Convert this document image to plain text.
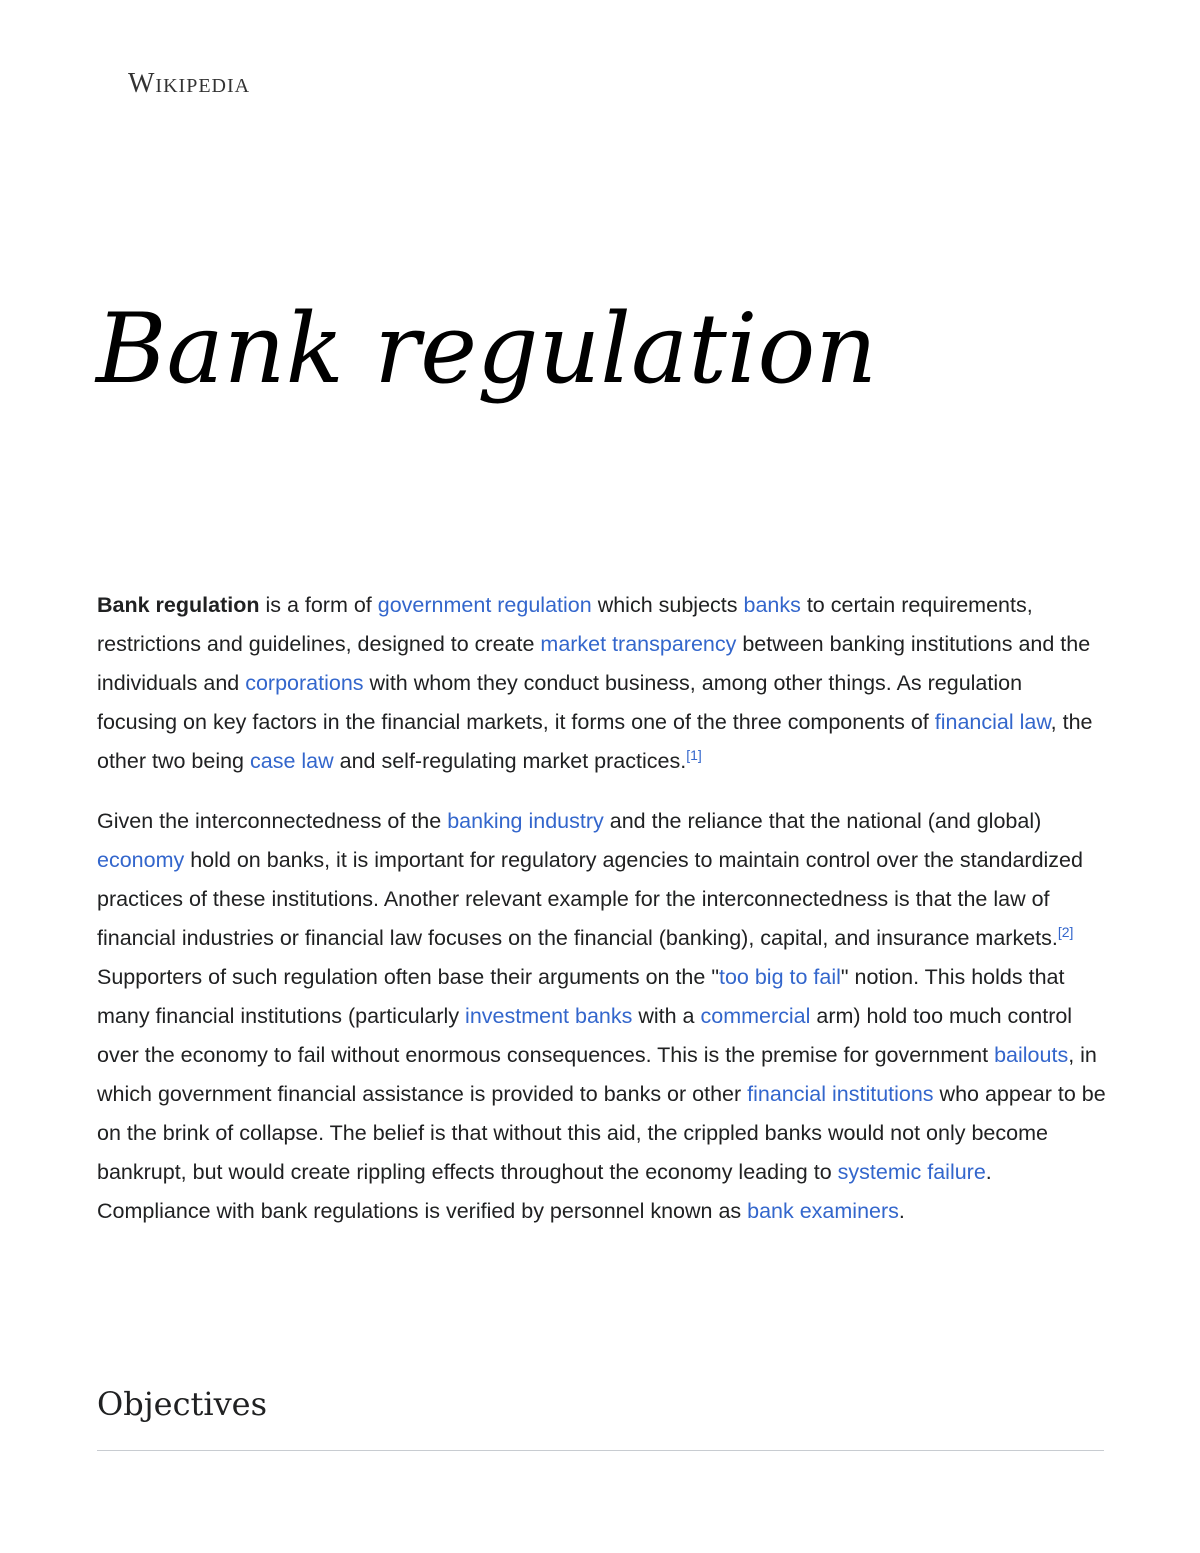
Wikipedia
Bank regulation

Bank regulation is a form of government regulation which subjects banks to certain requirements, restrictions and guidelines, designed to create market transparency between banking institutions and the individuals and corporations with whom they conduct business, among other things. As regulation focusing on key factors in the financial markets, it forms one of the three components of financial law, the other two being case law and self-regulating market practices.[1]

Given the interconnectedness of the banking industry and the reliance that the national (and global) economy hold on banks, it is important for regulatory agencies to maintain control over the standardized practices of these institutions. Another relevant example for the interconnectedness is that the law of financial industries or financial law focuses on the financial (banking), capital, and insurance markets.[2] Supporters of such regulation often base their arguments on the "too big to fail" notion. This holds that many financial institutions (particularly investment banks with a commercial arm) hold too much control over the economy to fail without enormous consequences. This is the premise for government bailouts, in which government financial assistance is provided to banks or other financial institutions who appear to be on the brink of collapse. The belief is that without this aid, the crippled banks would not only become bankrupt, but would create rippling effects throughout the economy leading to systemic failure. Compliance with bank regulations is verified by personnel known as bank examiners.

Objectives
